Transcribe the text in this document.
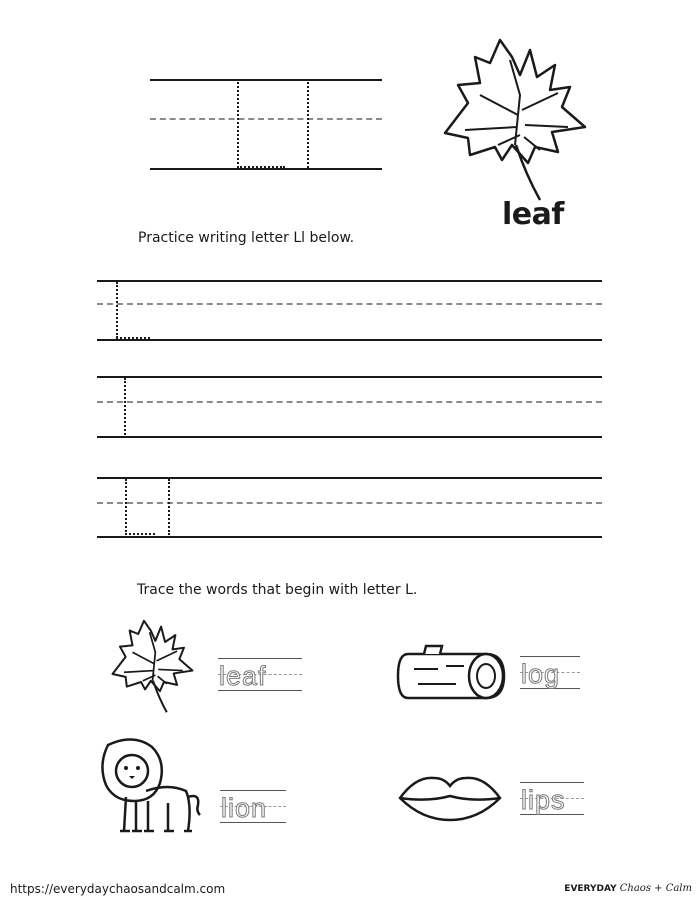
leaf
Practice writing letter Ll below.
Trace the words that begin with letter L.
leaf	log
lion	lips
https://everydaychaosandcalm.com	EVERYDAY Chaos + Calm
